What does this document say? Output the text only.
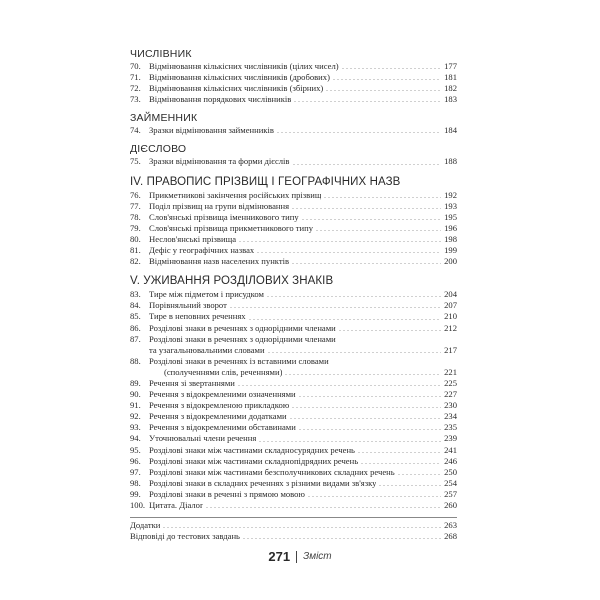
ЧИСЛІВНИК
70. Відмінювання кількісних числівників (цілих чисел)	177
71. Відмінювання кількісних числівників (дробових)	181
72. Відмінювання кількісних числівників (збірних)	182
73. Відмінювання порядкових числівників	183
ЗАЙМЕННИК
74. Зразки відмінювання займенників	184
ДІЄСЛОВО
75. Зразки відмінювання та форми дієслів	188
IV. ПРАВОПИС ПРІЗВИЩ І ГЕОГРАФІЧНИХ НАЗВ
76. Прикметникові закінчення російських прізвищ	192
77. Поділ прізвищ на групи відмінювання	193
78. Слов'янські прізвища іменникового типу	195
79. Слов'янські прізвища прикметникового типу	196
80. Неслов'янські прізвища	198
81. Дефіс у географічних назвах	199
82. Відмінювання назв населених пунктів	200
V. УЖИВАННЯ РОЗДІЛОВИХ ЗНАКІВ
83. Тире між підметом і присудком	204
84. Порівняльний зворот	207
85. Тире в неповних реченнях	210
86. Розділові знаки в реченнях з однорідними членами	212
87. Розділові знаки в реченнях з однорідними членами
та узагальнювальними словами	217
88. Розділові знаки в реченнях із вставними словами
(сполученнями слів, реченнями)	221
89. Речення зі звертаннями	225
90. Речення з відокремленими означеннями	227
91. Речення з відокремленою прикладкою	230
92. Речення з відокремленими додатками	234
93. Речення з відокремленими обставинами	235
94. Уточнювальні члени речення	239
95. Розділові знаки між частинами складносурядних речень	241
96. Розділові знаки між частинами складнопідрядних речень	246
97. Розділові знаки між частинами безсполучникових складних речень	250
98. Розділові знаки в складних реченнях з різними видами зв'язку	254
99. Розділові знаки в реченні з прямою мовою	257
100. Цитата. Діалог	260
Додатки	263
Відповіді до тестових завдань	268
271 Зміст
